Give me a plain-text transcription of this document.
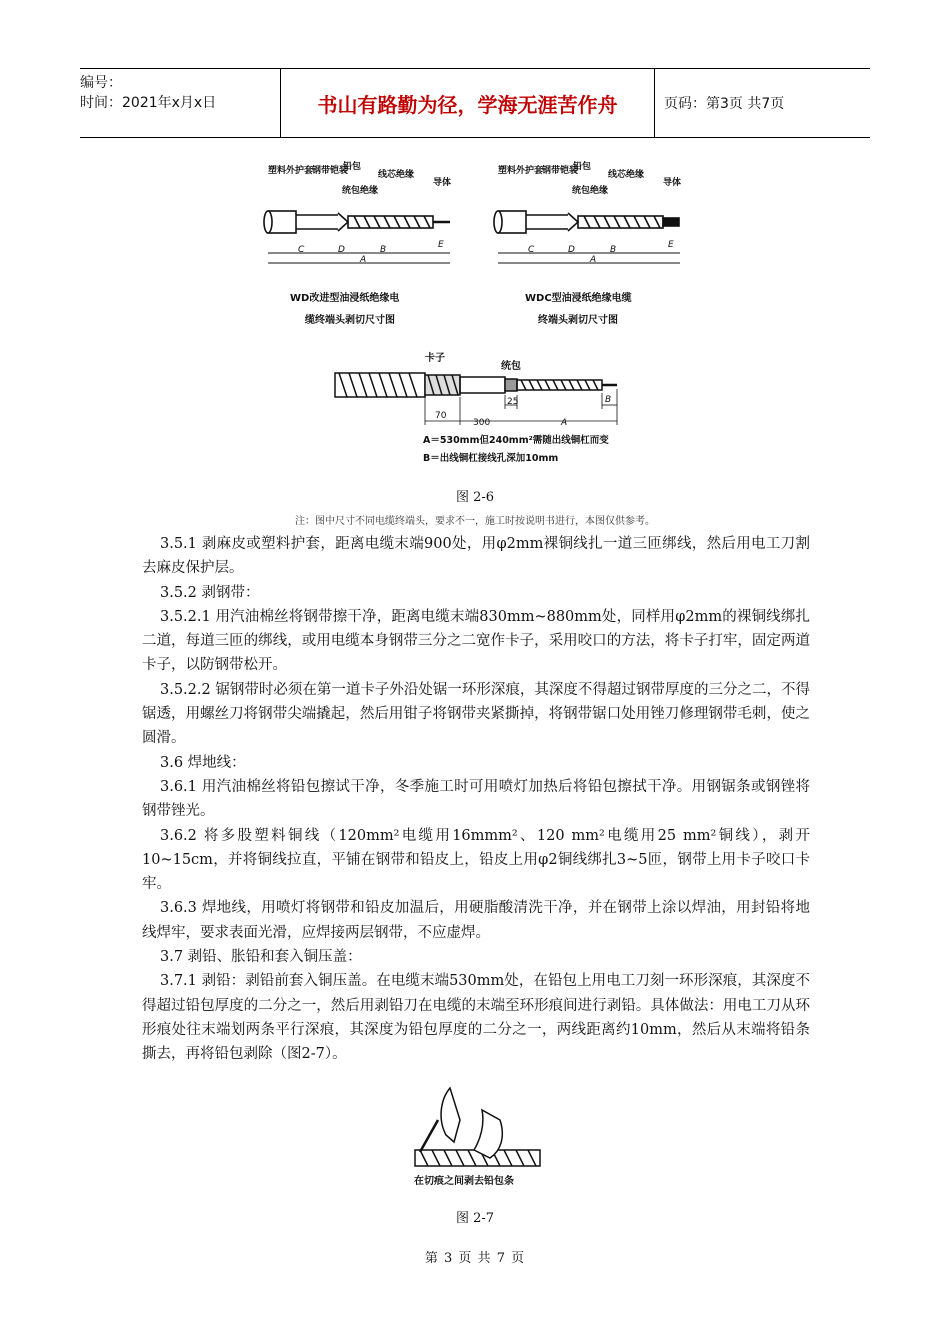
编号：
时间：2021年x月x日	书山有路勤为径，学海无涯苦作舟	页码：第3页 共7页
塑料外护套
钢带铠装
铅包
统包绝缘
线芯绝缘
导体
C	D	B	E
A
WD改进型油浸纸绝缘电
缆终端头剥切尺寸图
塑料外护套
钢带铠装
铅包
统包绝缘
线芯绝缘
导体
C	D	B	E
A
WDC型油浸纸绝缘电缆
终端头剥切尺寸图
卡子
统包
70
300
25
A
B
A＝530mm但240mm²需随出线铜杠而变
B＝出线铜杠接线孔深加10mm
图 2-6
注：图中尺寸不同电缆终端头，要求不一，施工时按说明书进行，本图仅供参考。

3.5.1 剥麻皮或塑料护套，距离电缆末端900处，用φ2mm裸铜线扎一道三匝绑线，然后用电工刀割去麻皮保护层。

3.5.2 剥钢带：

3.5.2.1 用汽油棉丝将钢带擦干净，距离电缆末端830mm~880mm处，同样用φ2mm的裸铜线绑扎二道，每道三匝的绑线，或用电缆本身钢带三分之二宽作卡子，采用咬口的方法，将卡子打牢，固定两道卡子，以防钢带松开。

3.5.2.2 锯钢带时必须在第一道卡子外沿处锯一环形深痕，其深度不得超过钢带厚度的三分之二，不得锯透，用螺丝刀将钢带尖端撬起，然后用钳子将钢带夹紧撕掉，将钢带锯口处用锉刀修理钢带毛刺，使之圆滑。

3.6 焊地线：

3.6.1 用汽油棉丝将铅包擦试干净，冬季施工时可用喷灯加热后将铅包擦拭干净。用钢锯条或钢锉将钢带锉光。

3.6.2 将多股塑料铜线（120mm²电缆用16mmm²、120 mm²电缆用25 mm²铜线），剥开10~15cm，并将铜线拉直，平铺在钢带和铅皮上，铅皮上用φ2铜线绑扎3~5匝，钢带上用卡子咬口卡牢。

3.6.3 焊地线，用喷灯将钢带和铅皮加温后，用硬脂酸清洗干净，并在钢带上涂以焊油，用封铅将地线焊牢，要求表面光滑，应焊接两层钢带，不应虚焊。

3.7 剥铅、胀铅和套入铜压盖：

3.7.1 剥铅：剥铅前套入铜压盖。在电缆末端530mm处，在铅包上用电工刀刻一环形深痕，其深度不得超过铅包厚度的二分之一，然后用剥铅刀在电缆的末端至环形痕间进行剥铅。具体做法：用电工刀从环形痕处往末端划两条平行深痕，其深度为铅包厚度的二分之一，两线距离约10mm，然后从末端将铅条撕去，再将铅包剥除（图2-7）。

在切痕之间剥去铅包条
图 2-7
第 3 页 共 7 页
